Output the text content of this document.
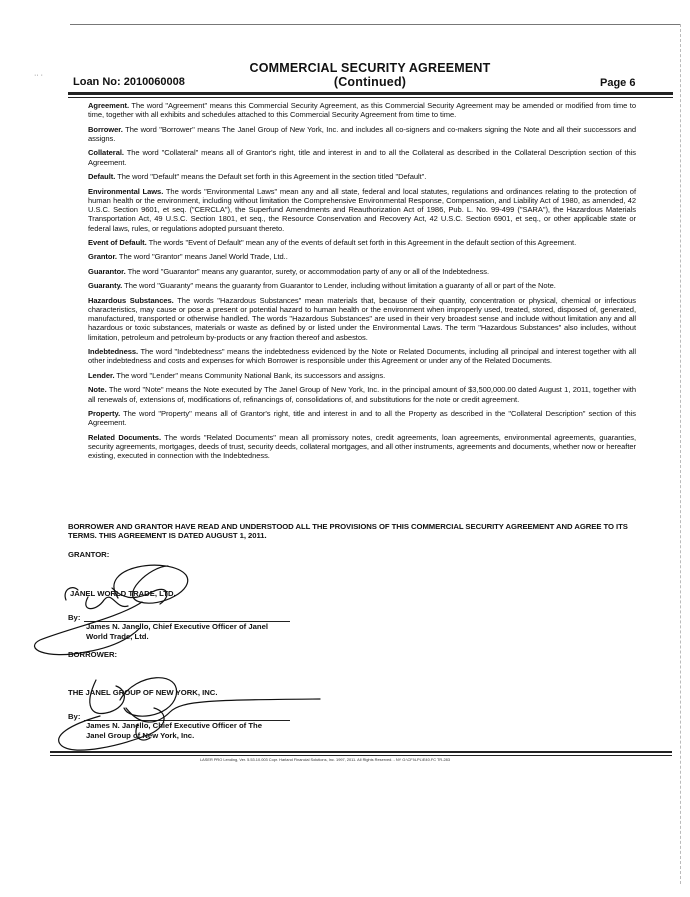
·· ·
COMMERCIAL SECURITY AGREEMENT
(Continued)
Loan No: 2010060008	Page 6

Agreement. The word "Agreement" means this Commercial Security Agreement, as this Commercial Security Agreement may be amended or modified from time to time, together with all exhibits and schedules attached to this Commercial Security Agreement from time to time.

Borrower. The word "Borrower" means The Janel Group of New York, Inc. and includes all co-signers and co-makers signing the Note and all their successors and assigns.

Collateral. The word "Collateral" means all of Grantor's right, title and interest in and to all the Collateral as described in the Collateral Description section of this Agreement.

Default. The word "Default" means the Default set forth in this Agreement in the section titled "Default".

Environmental Laws. The words "Environmental Laws" mean any and all state, federal and local statutes, regulations and ordinances relating to the protection of human health or the environment, including without limitation the Comprehensive Environmental Response, Compensation, and Liability Act of 1980, as amended, 42 U.S.C. Section 9601, et seq. ("CERCLA"), the Superfund Amendments and Reauthorization Act of 1986, Pub. L. No. 99-499 ("SARA"), the Hazardous Materials Transportation Act, 49 U.S.C. Section 1801, et seq., the Resource Conservation and Recovery Act, 42 U.S.C. Section 6901, et seq., or other applicable state or federal laws, rules, or regulations adopted pursuant thereto.

Event of Default. The words "Event of Default" mean any of the events of default set forth in this Agreement in the default section of this Agreement.

Grantor. The word "Grantor" means Janel World Trade, Ltd..

Guarantor. The word "Guarantor" means any guarantor, surety, or accommodation party of any or all of the Indebtedness.

Guaranty. The word "Guaranty" means the guaranty from Guarantor to Lender, including without limitation a guaranty of all or part of the Note.

Hazardous Substances. The words "Hazardous Substances" mean materials that, because of their quantity, concentration or physical, chemical or infectious characteristics, may cause or pose a present or potential hazard to human health or the environment when improperly used, treated, stored, disposed of, generated, manufactured, transported or otherwise handled. The words "Hazardous Substances" are used in their very broadest sense and include without limitation any and all hazardous or toxic substances, materials or waste as defined by or listed under the Environmental Laws. The term "Hazardous Substances" also includes, without limitation, petroleum and petroleum by-products or any fraction thereof and asbestos.

Indebtedness. The word "Indebtedness" means the indebtedness evidenced by the Note or Related Documents, including all principal and interest together with all other indebtedness and costs and expenses for which Borrower is responsible under this Agreement or under any of the Related Documents.

Lender. The word "Lender" means Community National Bank, its successors and assigns.

Note. The word "Note" means the Note executed by The Janel Group of New York, Inc. in the principal amount of $3,500,000.00 dated August 1, 2011, together with all renewals of, extensions of, modifications of, refinancings of, consolidations of, and substitutions for the note or credit agreement.

Property. The word "Property" means all of Grantor's right, title and interest in and to all the Property as described in the "Collateral Description" section of this Agreement.

Related Documents. The words "Related Documents" mean all promissory notes, credit agreements, loan agreements, environmental agreements, guaranties, security agreements, mortgages, deeds of trust, security deeds, collateral mortgages, and all other instruments, agreements and documents, whether now or hereafter existing, executed in connection with the Indebtedness.

BORROWER AND GRANTOR HAVE READ AND UNDERSTOOD ALL THE PROVISIONS OF THIS COMMERCIAL SECURITY AGREEMENT AND AGREE TO ITS TERMS. THIS AGREEMENT IS DATED AUGUST 1, 2011.
GRANTOR:
JANEL WORLD TRADE, LTD.
By:
James N. Janello, Chief Executive Officer of Janel
World Trade, Ltd.
BORROWER:
THE JANEL GROUP OF NEW YORK, INC.
By:
James N. Janello, Chief Executive Officer of The
Janel Group of New York, Inc.
LASER PRO Lending, Ver. 5.53.10.003 Copr. Harland Financial Solutions, Inc. 1997, 2011. All Rights Reserved. - NY G:\CFI\LPL\E40.FC TR-283
